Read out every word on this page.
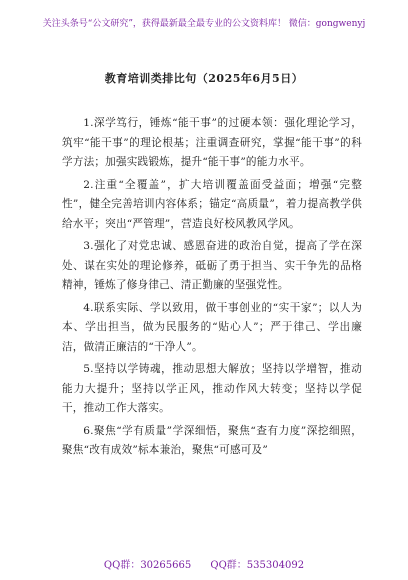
关注头条号“公文研究”，获得最新最全最专业的公文资料库！ 微信：gongwenyj
教育培训类排比句（2025年6月5日）

1.深学笃行，锤炼“能干事”的过硬本领：强化理论学习，筑牢“能干事”的理论根基；注重调查研究，掌握“能干事”的科学方法；加强实践锻炼，提升“能干事”的能力水平。

2.注重“全覆盖”，扩大培训覆盖面受益面；增强“完整性”，健全完善培训内容体系；锚定“高质量”，着力提高教学供给水平；突出“严管理”，营造良好校风教风学风。

3.强化了对党忠诚、感恩奋进的政治自觉，提高了学在深处、谋在实处的理论修养，砥砺了勇于担当、实干争先的品格精神，锤炼了修身律己、清正勤廉的坚强党性。

4.联系实际、学以致用，做干事创业的“实干家”；以人为本、学出担当，做为民服务的“贴心人”；严于律己、学出廉洁，做清正廉洁的“干净人”。

5.坚持以学铸魂，推动思想大解放；坚持以学增智，推动能力大提升；坚持以学正风，推动作风大转变；坚持以学促干，推动工作大落实。

6.聚焦“学有质量”学深细悟，聚焦“查有力度”深挖细照，聚焦“改有成效”标本兼治，聚焦“可感可及”

QQ群：30265665 QQ群：535304092
